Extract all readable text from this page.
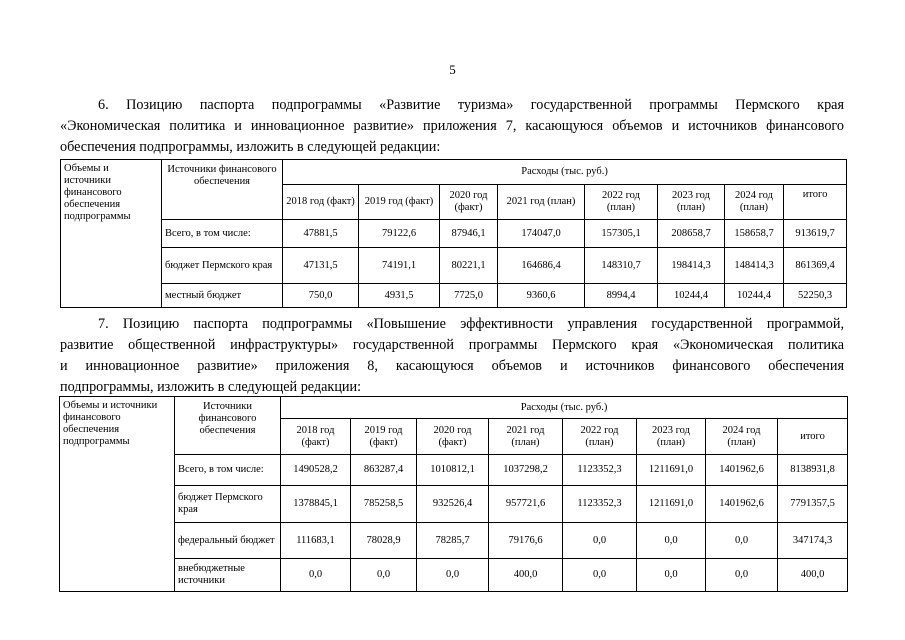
5
6. Позицию паспорта подпрограммы «Развитие туризма» государственной программы Пермского края
«Экономическая политика и инновационное развитие» приложения 7, касающуюся объемов и источников финансового
обеспечения подпрограммы, изложить в следующей редакции:
Объемы и источники финансового обеспечения подпрограммы	Источники финансового обеспечения	Расходы (тыс. руб.)							
		2018 год (факт)	2019 год (факт)	2020 год (факт)	2021 год (план)	2022 год (план)	2023 год (план)	2024 год (план)	итого
	Всего, в том числе:	47881,5	79122,6	87946,1	174047,0	157305,1	208658,7	158658,7	913619,7
	бюджет Пермского края	47131,5	74191,1	80221,1	164686,4	148310,7	198414,3	148414,3	861369,4
	местный бюджет	750,0	4931,5	7725,0	9360,6	8994,4	10244,4	10244,4	52250,3
7. Позицию паспорта подпрограммы «Повышение эффективности управления государственной программой,
развитие общественной инфраструктуры» государственной программы Пермского края «Экономическая политика
и инновационное развитие» приложения 8, касающуюся объемов и источников финансового обеспечения
подпрограммы, изложить в следующей редакции:
Объемы и источники финансового обеспечения подпрограммы	Источники финансового обеспечения	Расходы (тыс. руб.)							
		2018 год (факт)	2019 год (факт)	2020 год (факт)	2021 год (план)	2022 год (план)	2023 год (план)	2024 год (план)	итого
	Всего, в том числе:	1490528,2	863287,4	1010812,1	1037298,2	1123352,3	1211691,0	1401962,6	8138931,8
	бюджет Пермского края	1378845,1	785258,5	932526,4	957721,6	1123352,3	1211691,0	1401962,6	7791357,5
	федеральный бюджет	111683,1	78028,9	78285,7	79176,6	0,0	0,0	0,0	347174,3
	внебюджетные источники	0,0	0,0	0,0	400,0	0,0	0,0	0,0	400,0
